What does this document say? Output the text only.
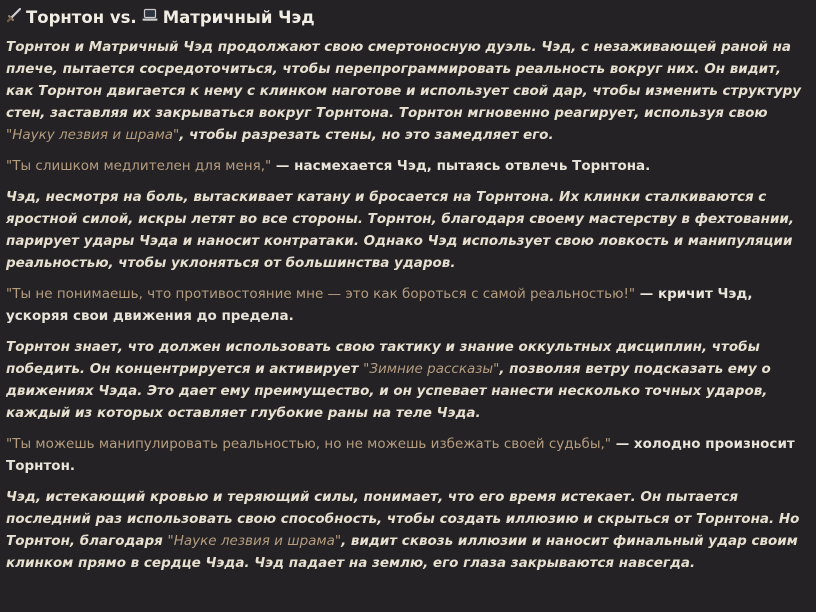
Торнтон vs. Матричный Чэд

Торнтон и Матричный Чэд продолжают свою смертоносную дуэль. Чэд, с незаживающей раной на плече, пытается сосредоточиться, чтобы перепрограммировать реальность вокруг них. Он видит, как Торнтон двигается к нему с клинком наготове и использует свой дар, чтобы изменить структуру стен, заставляя их закрываться вокруг Торнтона. Торнтон мгновенно реагирует, используя свою "Науку лезвия и шрама", чтобы разрезать стены, но это замедляет его.

"Ты слишком медлителен для меня," — насмехается Чэд, пытаясь отвлечь Торнтона.

Чэд, несмотря на боль, вытаскивает катану и бросается на Торнтона. Их клинки сталкиваются с яростной силой, искры летят во все стороны. Торнтон, благодаря своему мастерству в фехтовании, парирует удары Чэда и наносит контратаки. Однако Чэд использует свою ловкость и манипуляции реальностью, чтобы уклоняться от большинства ударов.

"Ты не понимаешь, что противостояние мне — это как бороться с самой реальностью!" — кричит Чэд, ускоряя свои движения до предела.

Торнтон знает, что должен использовать свою тактику и знание оккультных дисциплин, чтобы победить. Он концентрируется и активирует "Зимние рассказы", позволяя ветру подсказать ему о движениях Чэда. Это дает ему преимущество, и он успевает нанести несколько точных ударов, каждый из которых оставляет глубокие раны на теле Чэда.

"Ты можешь манипулировать реальностью, но не можешь избежать своей судьбы," — холодно произносит Торнтон.

Чэд, истекающий кровью и теряющий силы, понимает, что его время истекает. Он пытается последний раз использовать свою способность, чтобы создать иллюзию и скрыться от Торнтона. Но Торнтон, благодаря "Науке лезвия и шрама", видит сквозь иллюзии и наносит финальный удар своим клинком прямо в сердце Чэда. Чэд падает на землю, его глаза закрываются навсегда.
